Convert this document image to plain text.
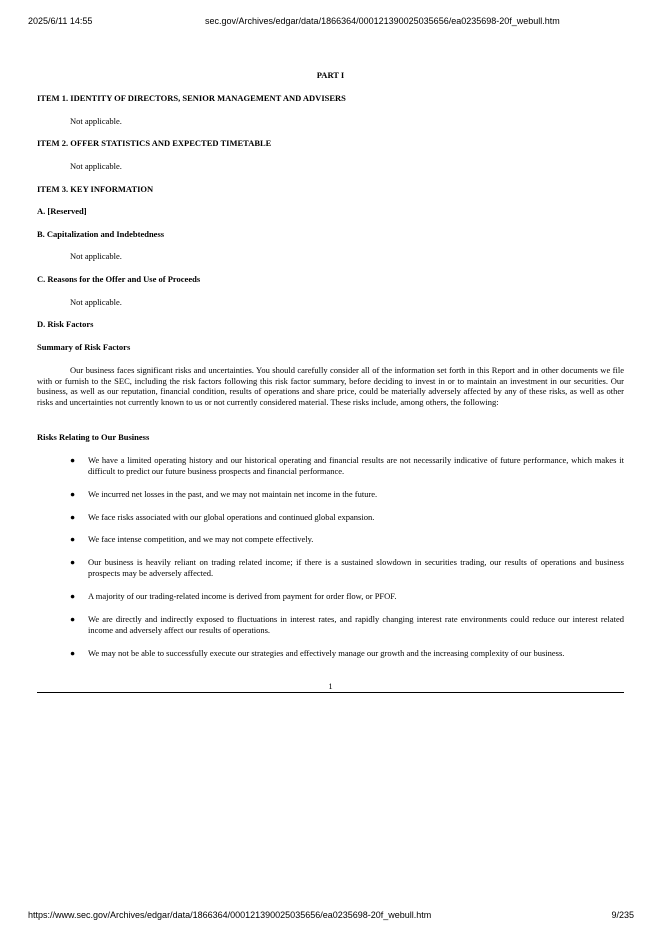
2025/6/11 14:55	sec.gov/Archives/edgar/data/1866364/000121390025035656/ea0235698-20f_webull.htm
PART I
ITEM 1. IDENTITY OF DIRECTORS, SENIOR MANAGEMENT AND ADVISERS
Not applicable.
ITEM 2. OFFER STATISTICS AND EXPECTED TIMETABLE
Not applicable.
ITEM 3. KEY INFORMATION
A. [Reserved]
B. Capitalization and Indebtedness
Not applicable.
C. Reasons for the Offer and Use of Proceeds
Not applicable.
D. Risk Factors
Summary of Risk Factors
Our business faces significant risks and uncertainties. You should carefully consider all of the information set forth in this Report and in other documents we file with or furnish to the SEC, including the risk factors following this risk factor summary, before deciding to invest in or to maintain an investment in our securities. Our business, as well as our reputation, financial condition, results of operations and share price, could be materially adversely affected by any of these risks, as well as other risks and uncertainties not currently known to us or not currently considered material. These risks include, among others, the following:
Risks Relating to Our Business
● We have a limited operating history and our historical operating and financial results are not necessarily indicative of future performance, which makes it difficult to predict our future business prospects and financial performance.
● We incurred net losses in the past, and we may not maintain net income in the future.
● We face risks associated with our global operations and continued global expansion.
● We face intense competition, and we may not compete effectively.
● Our business is heavily reliant on trading related income; if there is a sustained slowdown in securities trading, our results of operations and business prospects may be adversely affected.
● A majority of our trading-related income is derived from payment for order flow, or PFOF.
● We are directly and indirectly exposed to fluctuations in interest rates, and rapidly changing interest rate environments could reduce our interest related income and adversely affect our results of operations.
● We may not be able to successfully execute our strategies and effectively manage our growth and the increasing complexity of our business.
1
https://www.sec.gov/Archives/edgar/data/1866364/000121390025035656/ea0235698-20f_webull.htm	9/235
